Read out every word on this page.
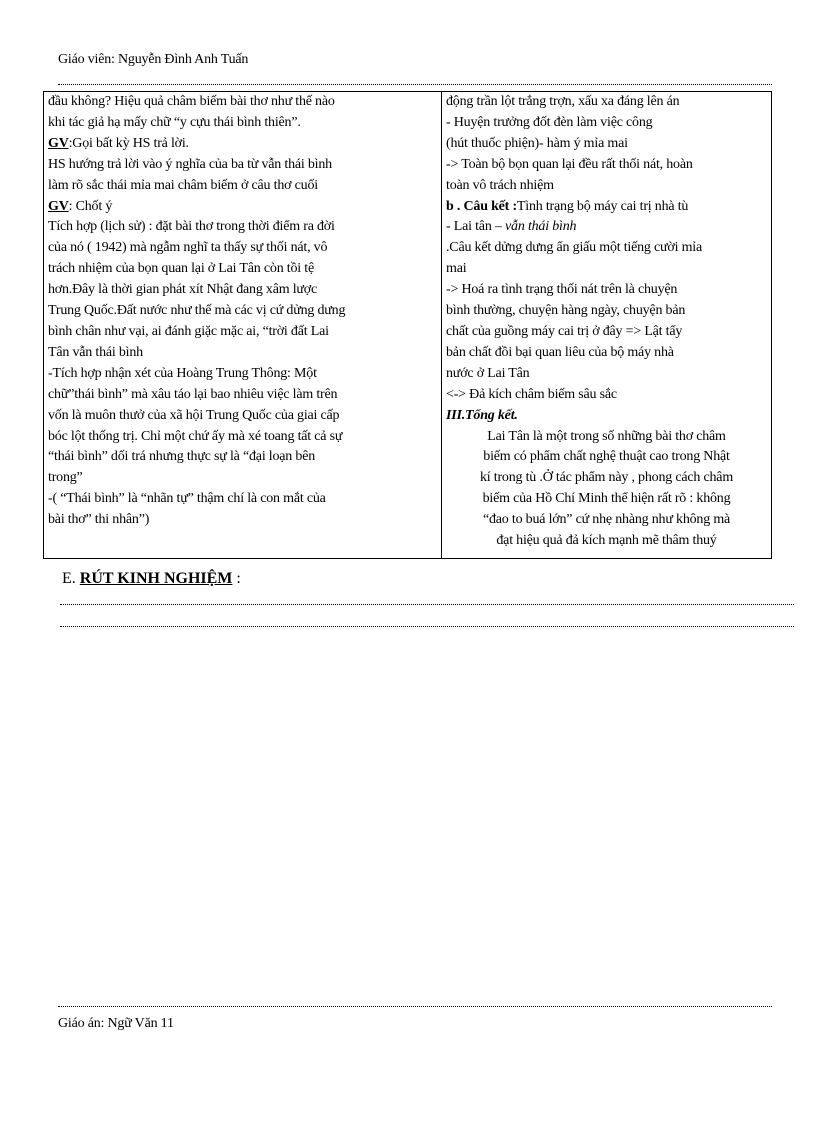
Giáo viên: Nguyễn Đình Anh Tuấn
đầu không? Hiệu quả châm biếm bài thơ như thế nào
khi tác giả hạ mấy chữ “y cựu thái bình thiên”.
GV:Gọi bất kỳ HS trả lời.
HS hướng trả lời vào ý nghĩa của ba từ vẫn thái bình
làm rõ sắc thái mỉa mai châm biếm ở câu thơ cuối
GV: Chốt ý
Tích hợp (lịch sử) : đặt bài thơ trong thời điểm ra đời
của nó ( 1942) mà ngẫm nghĩ ta thấy sự thối nát, vô
trách nhiệm của bọn quan lại ở Lai Tân còn tồi tệ
hơn.Đây là thời gian phát xít Nhật đang xâm lược
Trung Quốc.Đất nước như thế mà các vị cứ dửng dưng
bình chân như vại, ai đánh giặc mặc ai, “trời đất Lai
Tân vẫn thái bình
-Tích hợp nhận xét của Hoàng Trung Thông: Một
chữ”thái bình” mà xâu táo lại bao nhiêu việc làm trên
vốn là muôn thưở của xã hội Trung Quốc của giai cấp
bóc lột thống trị. Chỉ một chứ ấy mà xé toang tất cả sự
“thái bình” dối trá nhưng thực sự là “đại loạn bên
trong”
-( “Thái bình” là “nhãn tự” thậm chí là con mắt của
bài thơ” thi nhân”)
động trần lột trắng trợn, xấu xa đáng lên án
- Huyện trưởng đốt đèn làm việc công
(hút thuốc phiện)- hàm ý mỉa mai
-> Toàn bộ bọn quan lại đều rất thối nát, hoàn
toàn vô trách nhiệm
b . Câu kết :Tình trạng bộ máy cai trị nhà tù
- Lai tân – vẫn thái bình
.Câu kết dửng dưng ẩn giấu một tiếng cười mỉa
mai
-> Hoá ra tình trạng thối nát trên là chuyện
bình thường, chuyện hàng ngày, chuyện bản
chất của guồng máy cai trị ở đây => Lật tẩy
bản chất đồi bại quan liêu của bộ máy nhà
nước ở Lai Tân
<-> Đả kích châm biếm sâu sắc
III.Tổng kết.
Lai Tân là một trong số những bài thơ châm
biếm có phẩm chất nghệ thuật cao trong Nhật
kí trong tù .Ở tác phẩm này , phong cách châm
biếm của Hồ Chí Minh thể hiện rất rõ : không
“đao to buá lớn” cứ nhẹ nhàng như không mà
đạt hiệu quả đả kích mạnh mẽ thâm thuý
E. RÚT KINH NGHIỆM :
Giáo án: Ngữ Văn 11
